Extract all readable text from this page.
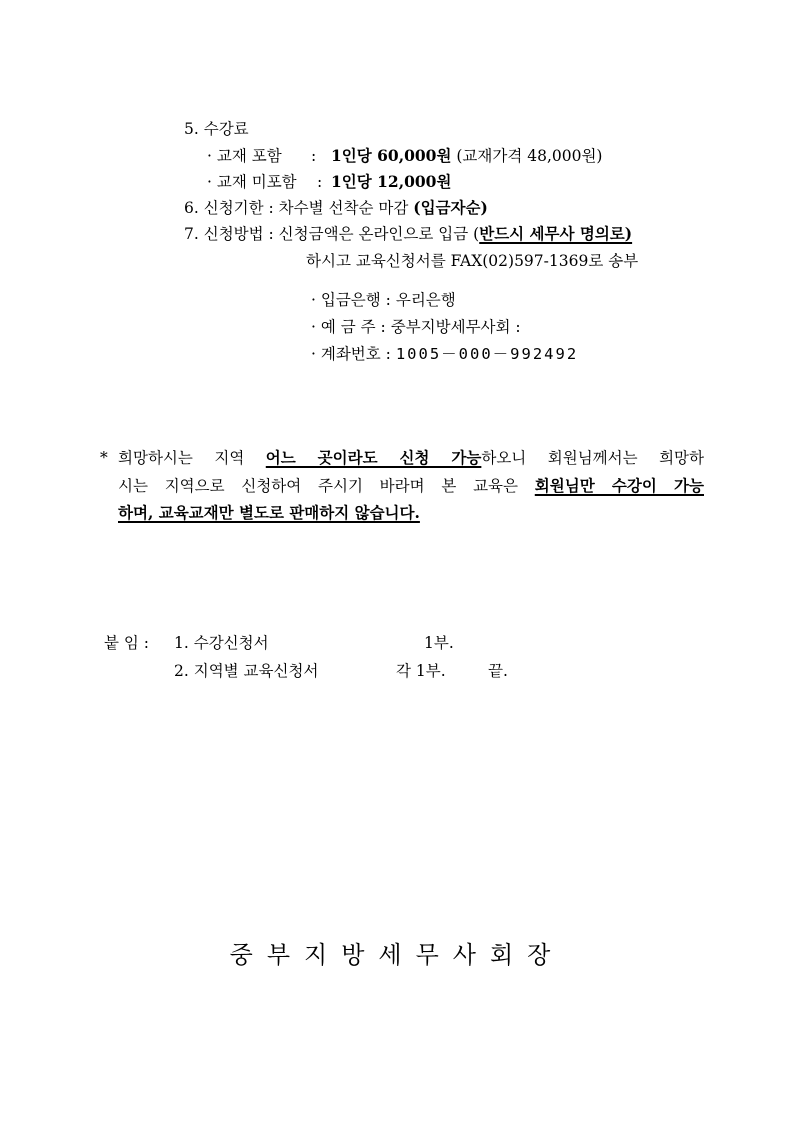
5. 수강료
· 교재 포함 : 1인당 60,000원 (교재가격 48,000원)
· 교재 미포함 : 1인당 12,000원
6. 신청기한 : 차수별 선착순 마감 (입금자순)
7. 신청방법 : 신청금액은 온라인으로 입금 (반드시 세무사 명의로)
하시고 교육신청서를 FAX(02)597-1369로 송부
· 입금은행 : 우리은행
· 예 금 주 : 중부지방세무사회 :
· 계좌번호 : 1005－000－992492
* 희망하시는 지역 어느 곳이라도 신청 가능하오니 회원님께서는 희망하
시는 지역으로 신청하여 주시기 바라며 본 교육은 회원님만 수강이 가능
하며, 교육교재만 별도로 판매하지 않습니다.
붙 임 : 1. 수강신청서	1부.
2. 지역별 교육신청서	각 1부.	끝.
중부지방세무사회장
